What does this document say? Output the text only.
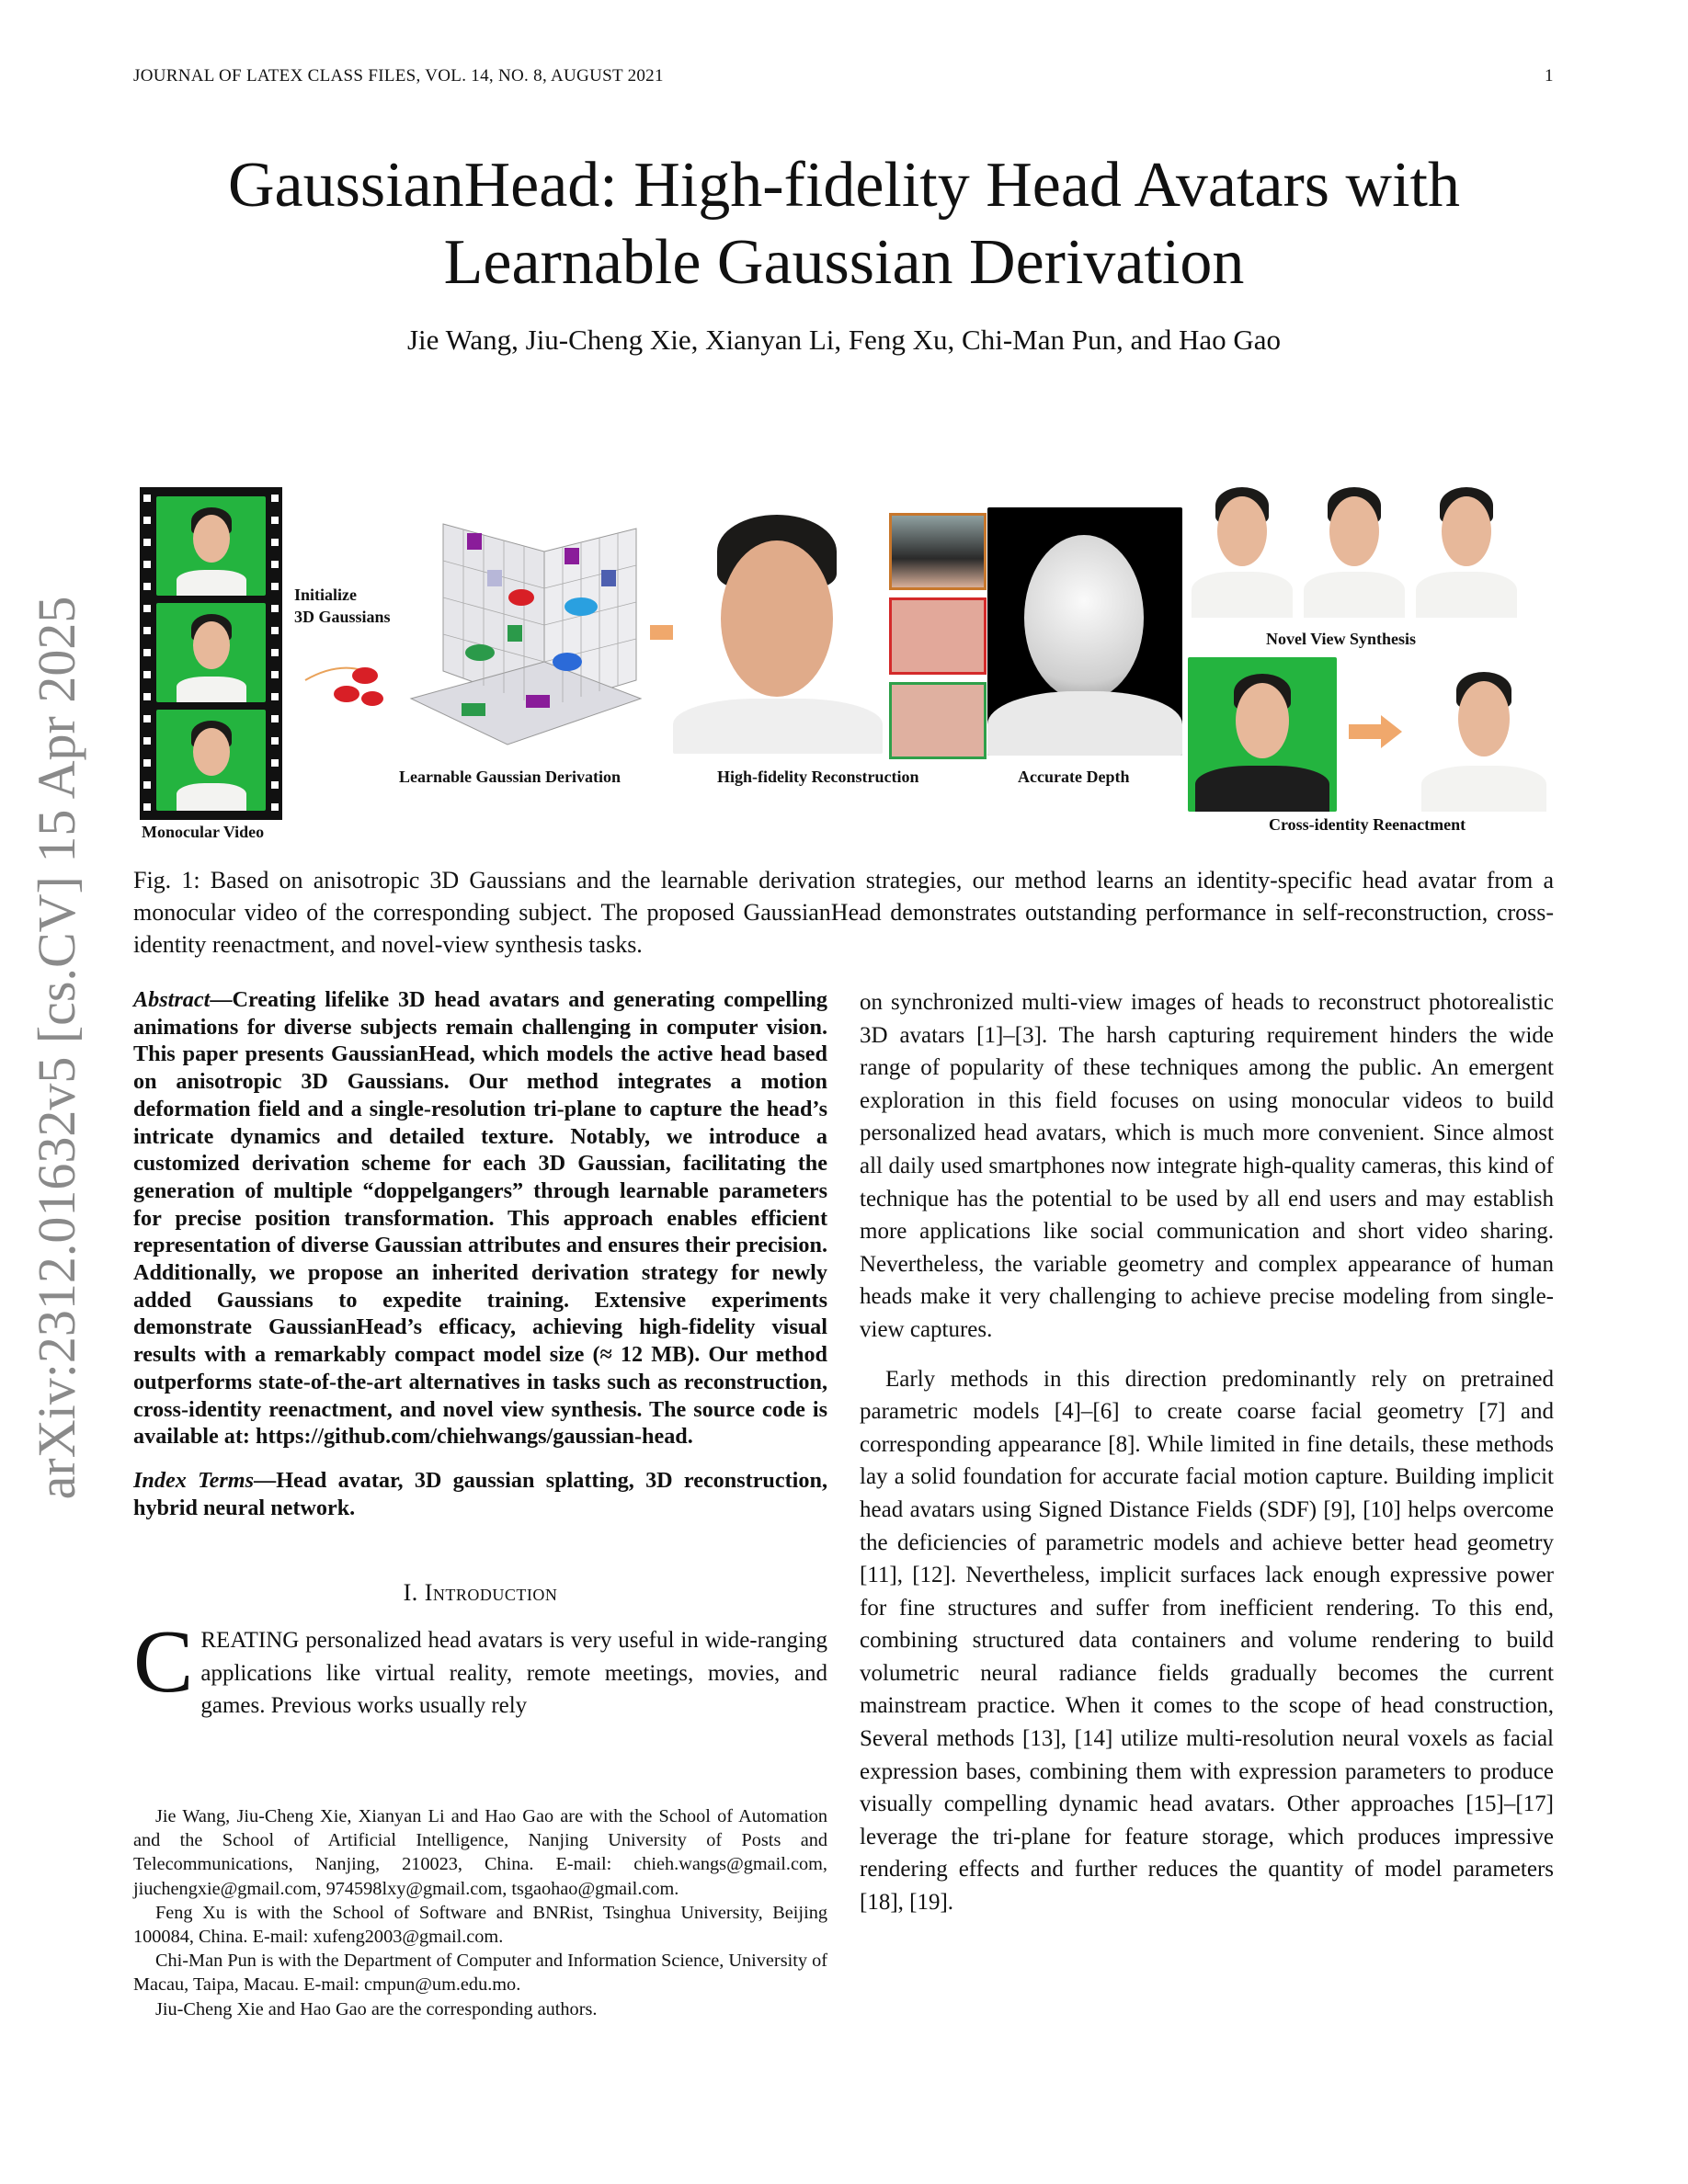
JOURNAL OF LATEX CLASS FILES, VOL. 14, NO. 8, AUGUST 2021	1
GaussianHead: High-fidelity Head Avatars with Learnable Gaussian Derivation
Jie Wang, Jiu-Cheng Xie, Xianyan Li, Feng Xu, Chi-Man Pun, and Hao Gao
arXiv:2312.01632v5 [cs.CV] 15 Apr 2025	Monocular Video
Initialize
3D Gaussians
Learnable Gaussian Derivation	High-fidelity Reconstruction	Accurate Depth
Novel View Synthesis
Cross-identity Reenactment
Fig. 1: Based on anisotropic 3D Gaussians and the learnable derivation strategies, our method learns an identity-specific head avatar from a monocular video of the corresponding subject. The proposed GaussianHead demonstrates outstanding performance in self-reconstruction, cross-identity reenactment, and novel-view synthesis tasks.

Abstract—Creating lifelike 3D head avatars and generating compelling animations for diverse subjects remain challenging in computer vision. This paper presents GaussianHead, which models the active head based on anisotropic 3D Gaussians. Our method integrates a motion deformation field and a single-resolution tri-plane to capture the head’s intricate dynamics and detailed texture. Notably, we introduce a customized derivation scheme for each 3D Gaussian, facilitating the generation of multiple “doppelgangers” through learnable parameters for precise position transformation. This approach enables efficient representation of diverse Gaussian attributes and ensures their precision. Additionally, we propose an inherited derivation strategy for newly added Gaussians to expedite training. Extensive experiments demonstrate GaussianHead’s efficacy, achieving high-fidelity visual results with a remarkably compact model size (≈ 12 MB). Our method outperforms state-of-the-art alternatives in tasks such as reconstruction, cross-identity reenactment, and novel view synthesis. The source code is available at: https://github.com/chiehwangs/gaussian-head.

Index Terms—Head avatar, 3D gaussian splatting, 3D reconstruction, hybrid neural network.

I. Introduction

CREATING personalized head avatars is very useful in wide-ranging applications like virtual reality, remote meetings, movies, and games. Previous works usually rely

Jie Wang, Jiu-Cheng Xie, Xianyan Li and Hao Gao are with the School of Automation and the School of Artificial Intelligence, Nanjing University of Posts and Telecommunications, Nanjing, 210023, China. E-mail: chieh.wangs@gmail.com, jiuchengxie@gmail.com, 974598lxy@gmail.com, tsgaohao@gmail.com.

Feng Xu is with the School of Software and BNRist, Tsinghua University, Beijing 100084, China. E-mail: xufeng2003@gmail.com.

Chi-Man Pun is with the Department of Computer and Information Science, University of Macau, Taipa, Macau. E-mail: cmpun@um.edu.mo.

Jiu-Cheng Xie and Hao Gao are the corresponding authors.

on synchronized multi-view images of heads to reconstruct photorealistic 3D avatars [1]–[3]. The harsh capturing requirement hinders the wide range of popularity of these techniques among the public. An emergent exploration in this field focuses on using monocular videos to build personalized head avatars, which is much more convenient. Since almost all daily used smartphones now integrate high-quality cameras, this kind of technique has the potential to be used by all end users and may establish more applications like social communication and short video sharing. Nevertheless, the variable geometry and complex appearance of human heads make it very challenging to achieve precise modeling from single-view captures.

Early methods in this direction predominantly rely on pretrained parametric models [4]–[6] to create coarse facial geometry [7] and corresponding appearance [8]. While limited in fine details, these methods lay a solid foundation for accurate facial motion capture. Building implicit head avatars using Signed Distance Fields (SDF) [9], [10] helps overcome the deficiencies of parametric models and achieve better head geometry [11], [12]. Nevertheless, implicit surfaces lack enough expressive power for fine structures and suffer from inefficient rendering. To this end, combining structured data containers and volume rendering to build volumetric neural radiance fields gradually becomes the current mainstream practice. When it comes to the scope of head construction, Several methods [13], [14] utilize multi-resolution neural voxels as facial expression bases, combining them with expression parameters to produce visually compelling dynamic head avatars. Other approaches [15]–[17] leverage the tri-plane for feature storage, which produces impressive rendering effects and further reduces the quantity of model parameters [18], [19].
